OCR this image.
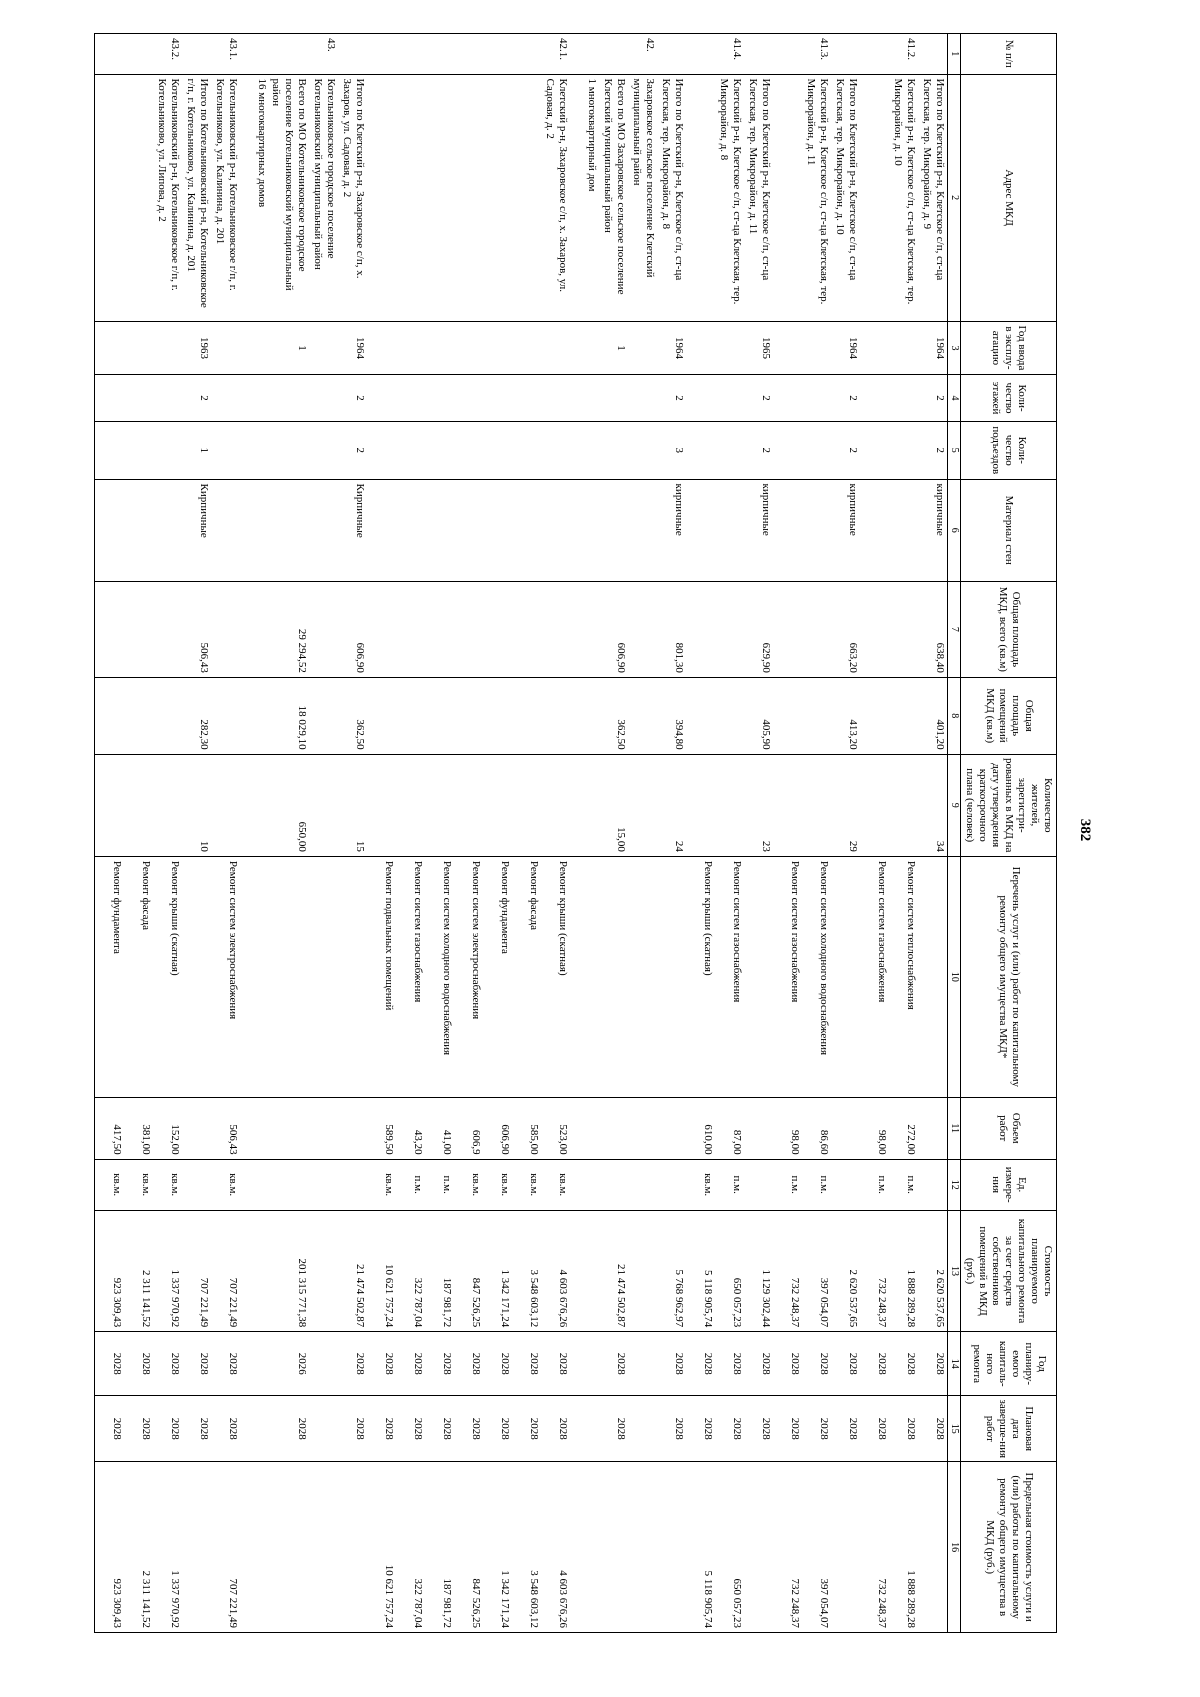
382
№ п/п	Адрес МКД	Год ввода в эксплу-атацию	Коли-чество этажей	Коли-чество подъездов	Материал стен	Общая площадь МКД, всего (кв.м)	Общая площадь помещений МКД (кв.м)	Количество жителей, зарегистри-рованных в МКД на дату утверждения краткосрочного плана (человек)	Перечень услуг и (или) работ по капитальному ремонту общего имущества МКД*	Объем работ	Ед. измере-ния	Стоимость планируемого капитального ремонта за счет средств собственников помещений в МКД (руб.)	Год планиру-емого капиталь-ного ремонта	Плановая дата заверше-ния работ	Предельная стоимость услуги и (или) работы по капитальному ремонту общего имущества в МКД (руб.)
1	2	3	4	5	6	7	8	9	10	11	12	13	14	15	16
	Итого по Клетский р-н, Клетское с/п, ст-ца Клетская, тер. Микрорайон, д. 9	1964	2	2	кирпичные	638,40	401,20	34				2 620 537,65	2028	2028	
41.2.	Клетский р-н, Клетское с/п, ст-ца Клетская, тер. Микрорайон, д. 10								Ремонт систем теплоснабжения	272,00	п.м.	1 888 289,28	2028	2028	1 888 289,28
									Ремонт систем газоснабжения	98,00	п.м.	732 248,37	2028	2028	732 248,37
	Итого по Клетский р-н, Клетское с/п, ст-ца Клетская, тер. Микрорайон, д. 10	1964	2	2	кирпичные	663,20	413,20	29				2 620 537,65	2028	2028	
41.3.	Клетский р-н, Клетское с/п, ст-ца Клетская, тер. Микрорайон, д. 11								Ремонт систем холодного водоснабжения	86,60	п.м.	397 054,07	2028	2028	397 054,07
									Ремонт систем газоснабжения	98,00	п.м.	732 248,37	2028	2028	732 248,37
	Итого по Клетский р-н, Клетское с/п, ст-ца Клетская, тер. Микрорайон, д. 11	1965	2	2	кирпичные	629,90	405,90	23				1 129 302,44	2028	2028	
41.4.	Клетский р-н, Клетское с/п, ст-ца Клетская, тер. Микрорайон, д. 8								Ремонт систем газоснабжения	87,00	п.м.	650 057,23	2028	2028	650 057,23
									Ремонт крыши (скатная)	610,00	кв.м.	5 118 905,74	2028	2028	5 118 905,74
	Итого по Клетский р-н, Клетское с/п, ст-ца Клетская, тер. Микрорайон, д. 8	1964	2	3	кирпичные	801,30	394,80	24				5 768 962,97	2028	2028	
42.	Захаровское сельское поселение Клетский муниципальный район														
	Всего по МО Захаровское сельское поселение Клетский муниципальный район	1				606,90	362,50	15,00				21 474 502,87	2028	2028	
	1 многоквартирный дом														
42.1.	Клетский р-н, Захаровское с/п, х. Захаров, ул. Садовая, д. 2								Ремонт крыши (скатная)	523,00	кв.м.	4 603 676,26	2028	2028	4 603 676,26
									Ремонт фасада	585,00	кв.м.	3 548 603,12	2028	2028	3 548 603,12
									Ремонт фундамента	606,90	кв.м.	1 342 171,24	2028	2028	1 342 171,24
									Ремонт систем электроснабжения	606,9	кв.м.	847 526,25	2028	2028	847 526,25
									Ремонт систем холодного водоснабжения	41,00	п.м.	187 981,72	2028	2028	187 981,72
									Ремонт систем газоснабжения	43,20	п.м.	322 787,04	2028	2028	322 787,04
									Ремонт подвальных помещений	589,50	кв.м.	10 621 757,24	2028	2028	10 621 757,24
	Итого по Клетский р-н, Захаровское с/п, х. Захаров, ул. Садовая, д. 2	1964	2	2	Кирпичные	606,90	362,50	15				21 474 502,87	2028	2028	
43.	Котельниковское городское поселение Котельниковский муниципальный район														
	Всего по МО Котельниковское городское поселение Котельниковский муниципальный район	1				29 294,52	18 029,10	650,00				201 315 771,38	2026	2028	
	16 многоквартирных домов														
43.1.	Котельниковский р-н, Котельниковское г/п, г. Котельниково, ул. Калинина, д. 201								Ремонт систем электроснабжения	506,43	кв.м.	707 221,49	2028	2028	707 221,49
	Итого по Котельниковский р-н, Котельниковское г/п, г. Котельниково, ул. Калинина, д. 201	1963	2	1	Кирпичные	506,43	282,30	10				707 221,49	2028	2028	
43.2.	Котельниковский р-н, Котельниковское г/п, г. Котельниково, ул. Липова, д. 2								Ремонт крыши (скатная)	152,00	кв.м.	1 337 970,92	2028	2028	1 337 970,92
									Ремонт фасада	381,00	кв.м.	2 311 141,52	2028	2028	2 311 141,52
									Ремонт фундамента	417,50	кв.м.	923 309,43	2028	2028	923 309,43
